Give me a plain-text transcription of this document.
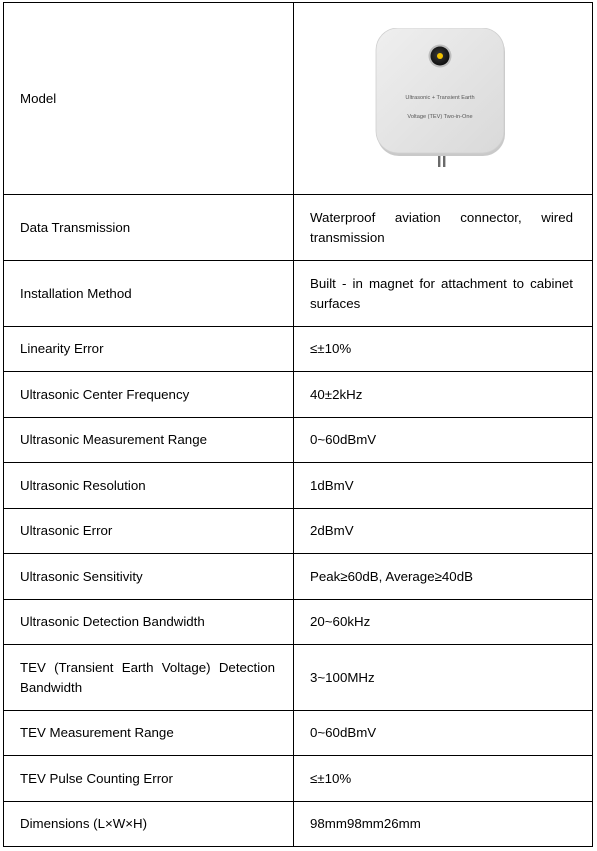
Model	Ultrasonic + Transient Earth
Voltage (TEV) Two-in-One

Data Transmission	Waterproof aviation connector, wired transmission
Installation Method	Built - in magnet for attachment to cabinet surfaces
Linearity Error	≤±10%
Ultrasonic Center Frequency	40±2kHz
Ultrasonic Measurement Range	0~60dBmV
Ultrasonic Resolution	1dBmV
Ultrasonic Error	2dBmV
Ultrasonic Sensitivity	Peak≥60dB, Average≥40dB
Ultrasonic Detection Bandwidth	20~60kHz
TEV (Transient Earth Voltage) Detection Bandwidth	3~100MHz
TEV Measurement Range	0~60dBmV
TEV Pulse Counting Error	≤±10%
Dimensions (L×W×H)	98mm98mm26mm
